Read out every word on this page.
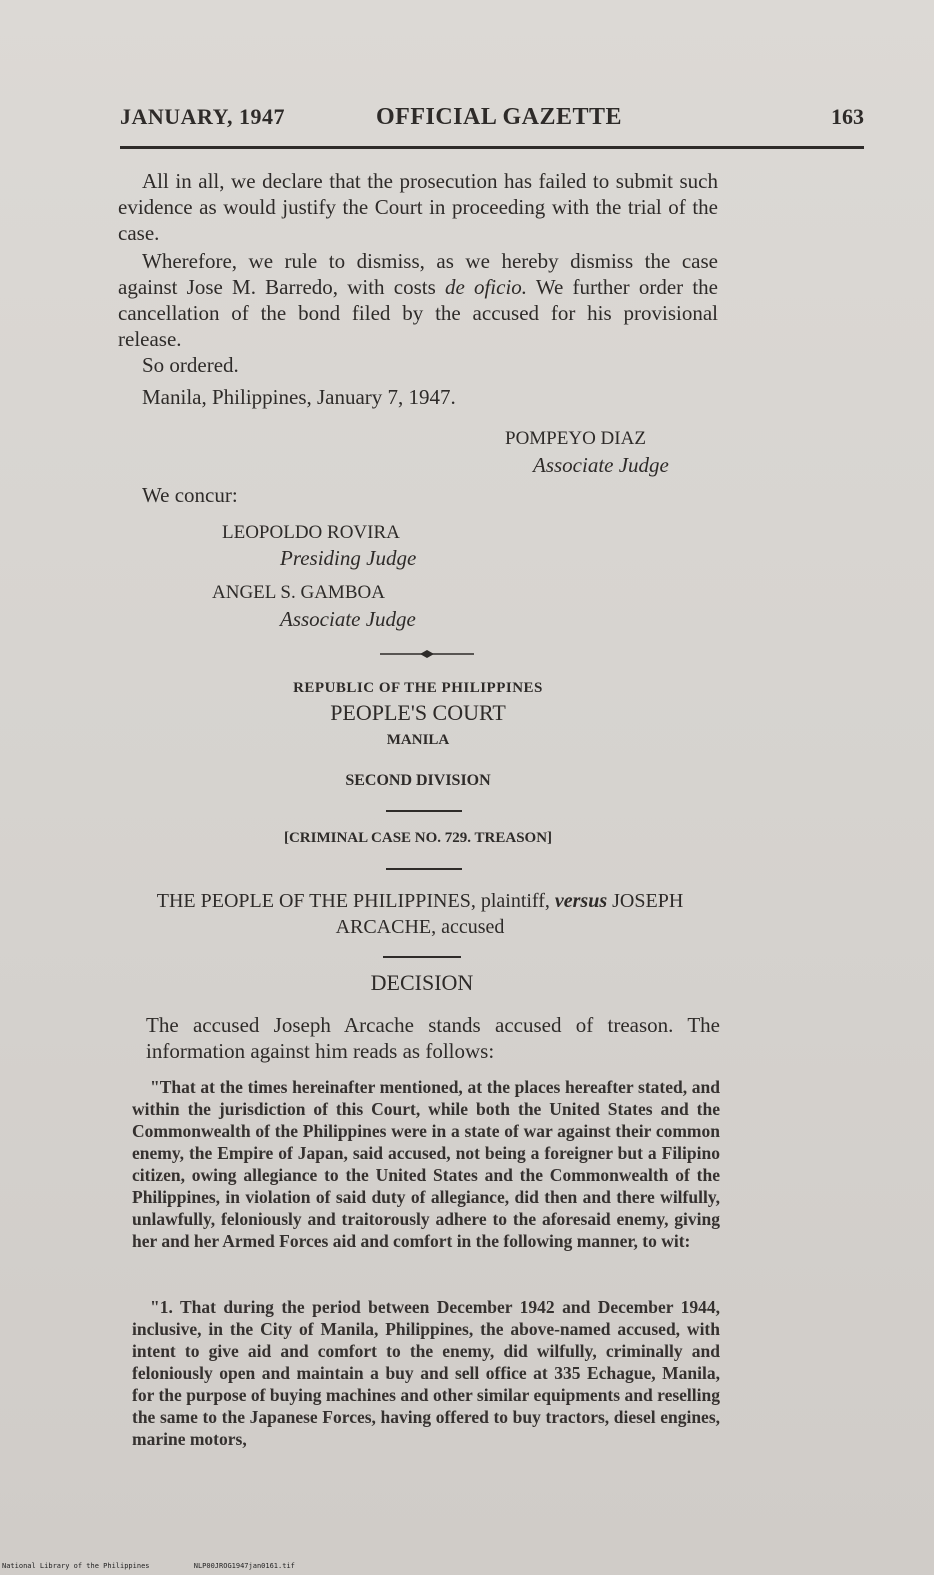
JANUARY, 1947	OFFICIAL GAZETTE	163
All in all, we declare that the prosecution has failed to submit such evidence as would justify the Court in proceeding with the trial of the case.
Wherefore, we rule to dismiss, as we hereby dismiss the case against Jose M. Barredo, with costs de oficio. We further order the cancellation of the bond filed by the accused for his provisional release.
So ordered.
Manila, Philippines, January 7, 1947.
POMPEYO DIAZ
Associate Judge
We concur:
LEOPOLDO ROVIRA
Presiding Judge
ANGEL S. GAMBOA
Associate Judge
REPUBLIC OF THE PHILIPPINES
PEOPLE'S COURT
MANILA
SECOND DIVISION
[CRIMINAL CASE NO. 729. TREASON]
THE PEOPLE OF THE PHILIPPINES, plaintiff, versus JOSEPH
ARCACHE, accused
DECISION
The accused Joseph Arcache stands accused of treason. The information against him reads as follows:
"That at the times hereinafter mentioned, at the places hereafter stated, and within the jurisdiction of this Court, while both the United States and the Commonwealth of the Philippines were in a state of war against their common enemy, the Empire of Japan, said accused, not being a foreigner but a Filipino citizen, owing allegiance to the United States and the Commonwealth of the Philippines, in violation of said duty of allegiance, did then and there wilfully, unlawfully, feloniously and traitorously adhere to the aforesaid enemy, giving her and her Armed Forces aid and comfort in the following manner, to wit:
"1. That during the period between December 1942 and December 1944, inclusive, in the City of Manila, Philippines, the above-named accused, with intent to give aid and comfort to the enemy, did wilfully, criminally and feloniously open and maintain a buy and sell office at 335 Echague, Manila, for the purpose of buying machines and other similar equipments and reselling the same to the Japanese Forces, having offered to buy tractors, diesel engines, marine motors,
National Library of the Philippines	NLP00JROG1947jan0161.tif
